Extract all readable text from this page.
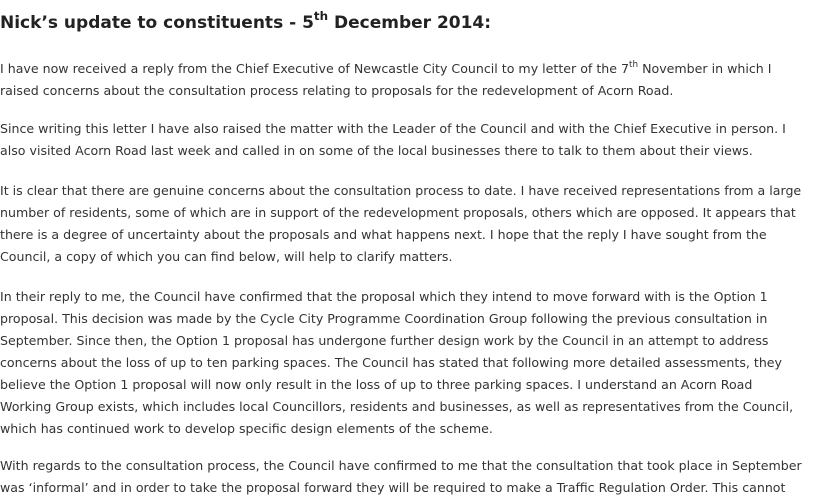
Nick’s update to constituents - 5th December 2014:

I have now received a reply from the Chief Executive of Newcastle City Council to my letter of the 7th November in which I
raised concerns about the consultation process relating to proposals for the redevelopment of Acorn Road.

Since writing this letter I have also raised the matter with the Leader of the Council and with the Chief Executive in person. I
also visited Acorn Road last week and called in on some of the local businesses there to talk to them about their views.

It is clear that there are genuine concerns about the consultation process to date. I have received representations from a large
number of residents, some of which are in support of the redevelopment proposals, others which are opposed. It appears that
there is a degree of uncertainty about the proposals and what happens next. I hope that the reply I have sought from the
Council, a copy of which you can find below, will help to clarify matters.

In their reply to me, the Council have confirmed that the proposal which they intend to move forward with is the Option 1
proposal. This decision was made by the Cycle City Programme Coordination Group following the previous consultation in
September. Since then, the Option 1 proposal has undergone further design work by the Council in an attempt to address
concerns about the loss of up to ten parking spaces. The Council has stated that following more detailed assessments, they
believe the Option 1 proposal will now only result in the loss of up to three parking spaces. I understand an Acorn Road
Working Group exists, which includes local Councillors, residents and businesses, as well as representatives from the Council,
which has continued work to develop specific design elements of the scheme.

With regards to the consultation process, the Council have confirmed to me that the consultation that took place in September
was ‘informal’ and in order to take the proposal forward they will be required to make a Traffic Regulation Order. This cannot
